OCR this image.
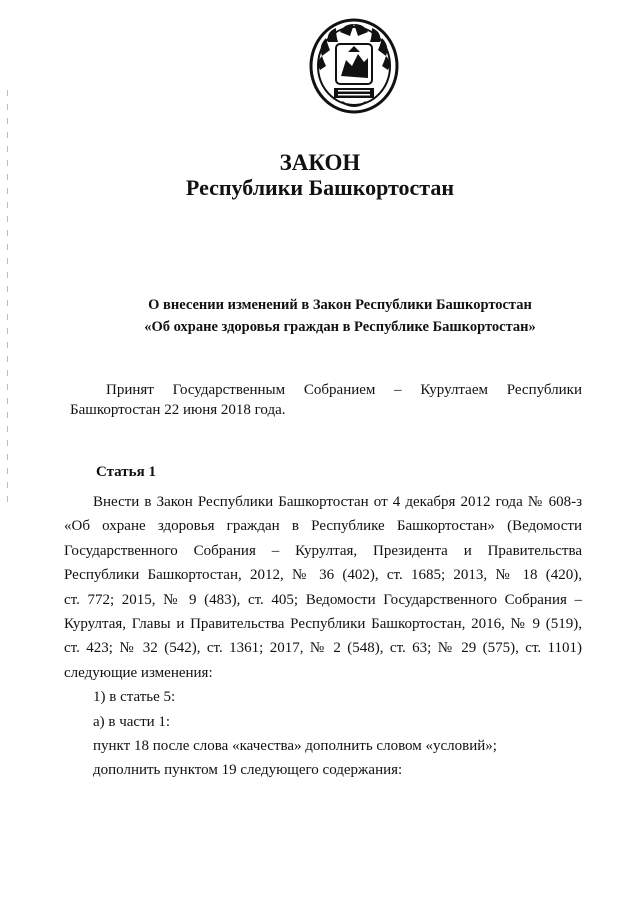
ЗАКОН
Республики Башкортостан
О внесении изменений в Закон Республики Башкортостан
«Об охране здоровья граждан в Республике Башкортостан»
Принят Государственным Собранием – Курултаем Республики
Башкортостан 22 июня 2018 года.
Статья 1
Внести в Закон Республики Башкортостан от 4 декабря 2012 года № 608-з
«Об охране здоровья граждан в Республике Башкортостан» (Ведомости
Государственного Собрания – Курултая, Президента и Правительства
Республики Башкортостан, 2012, № 36 (402), ст. 1685; 2013, № 18 (420),
ст. 772; 2015, № 9 (483), ст. 405; Ведомости Государственного Собрания –
Курултая, Главы и Правительства Республики Башкортостан, 2016, № 9 (519),
ст. 423; № 32 (542), ст. 1361; 2017, № 2 (548), ст. 63; № 29 (575), ст. 1101)
следующие изменения:
1) в статье 5:
а) в части 1:
пункт 18 после слова «качества» дополнить словом «условий»;
дополнить пунктом 19 следующего содержания:
